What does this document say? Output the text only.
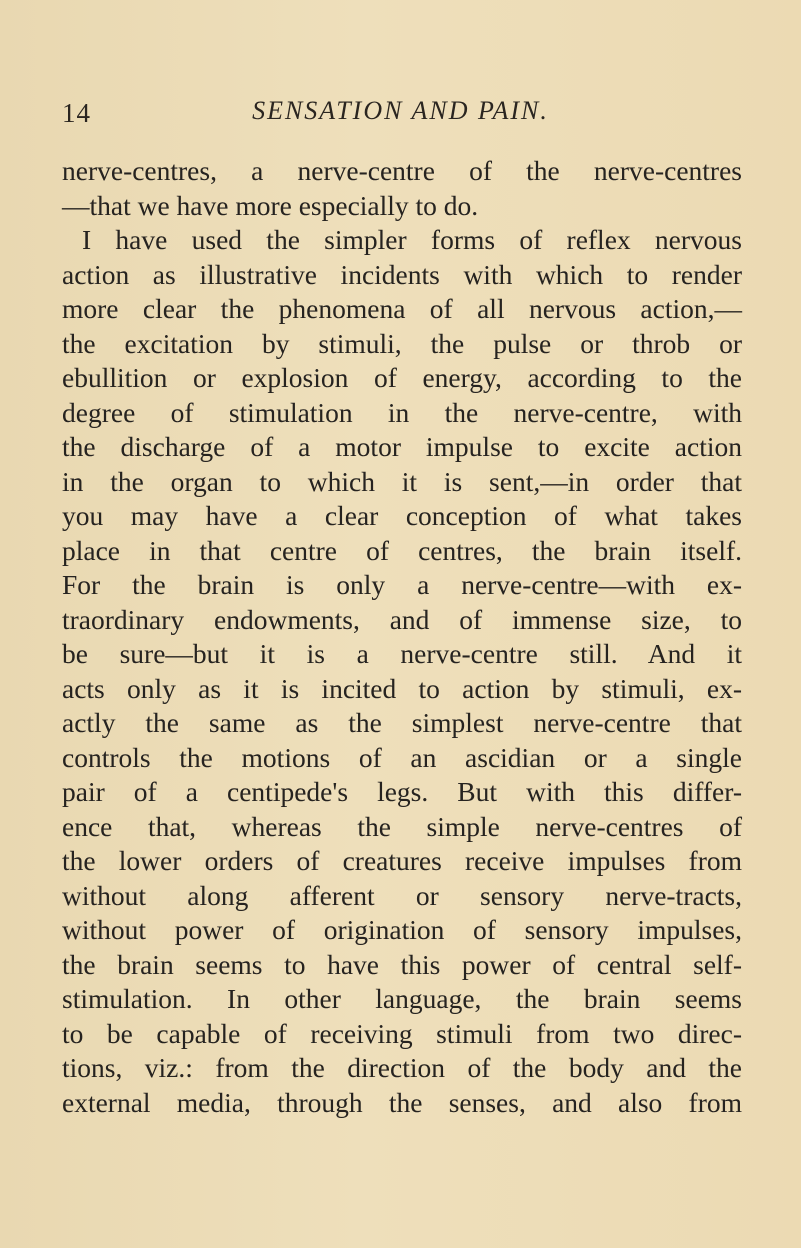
14	SENSATION AND PAIN.
nerve-centres, a nerve-centre of the nerve-centres
—that we have more especially to do.
I have used the simpler forms of reflex nervous
action as illustrative incidents with which to render
more clear the phenomena of all nervous action,—
the excitation by stimuli, the pulse or throb or
ebullition or explosion of energy, according to the
degree of stimulation in the nerve-centre, with
the discharge of a motor impulse to excite action
in the organ to which it is sent,—in order that
you may have a clear conception of what takes
place in that centre of centres, the brain itself.
For the brain is only a nerve-centre—with ex-
traordinary endowments, and of immense size, to
be sure—but it is a nerve-centre still. And it
acts only as it is incited to action by stimuli, ex-
actly the same as the simplest nerve-centre that
controls the motions of an ascidian or a single
pair of a centipede's legs. But with this differ-
ence that, whereas the simple nerve-centres of
the lower orders of creatures receive impulses from
without along afferent or sensory nerve-tracts,
without power of origination of sensory impulses,
the brain seems to have this power of central self-
stimulation. In other language, the brain seems
to be capable of receiving stimuli from two direc-
tions, viz.: from the direction of the body and the
external media, through the senses, and also from
